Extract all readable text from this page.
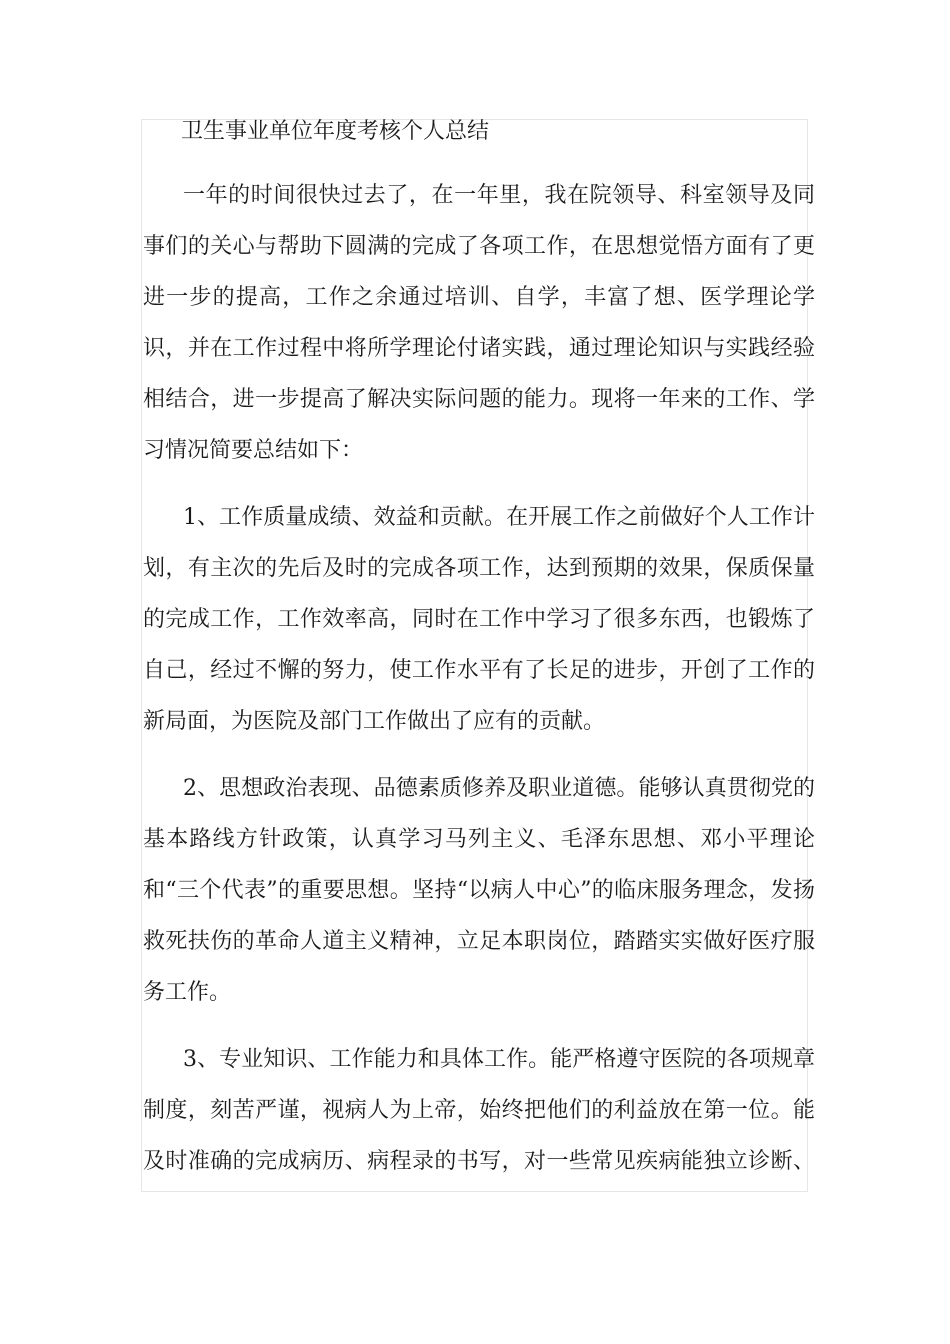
卫生事业单位年度考核个人总结

一年的时间很快过去了，在一年里，我在院领导、科室领导及同事们的关心与帮助下圆满的完成了各项工作，在思想觉悟方面有了更进一步的提高，工作之余通过培训、自学，丰富了想、医学理论学识，并在工作过程中将所学理论付诸实践，通过理论知识与实践经验相结合，进一步提高了解决实际问题的能力。现将一年来的工作、学习情况简要总结如下：

1、工作质量成绩、效益和贡献。在开展工作之前做好个人工作计划，有主次的先后及时的完成各项工作，达到预期的效果，保质保量的完成工作，工作效率高，同时在工作中学习了很多东西，也锻炼了自己，经过不懈的努力，使工作水平有了长足的进步，开创了工作的新局面，为医院及部门工作做出了应有的贡献。

2、思想政治表现、品德素质修养及职业道德。能够认真贯彻党的基本路线方针政策，认真学习马列主义、毛泽东思想、邓小平理论和“三个代表”的重要思想。坚持“以病人中心”的临床服务理念，发扬救死扶伤的革命人道主义精神，立足本职岗位，踏踏实实做好医疗服务工作。

3、专业知识、工作能力和具体工作。能严格遵守医院的各项规章制度，刻苦严谨，视病人为上帝，始终把他们的利益放在第一位。能及时准确的完成病历、病程录的书写，对一些常见疾病能独立诊断、
